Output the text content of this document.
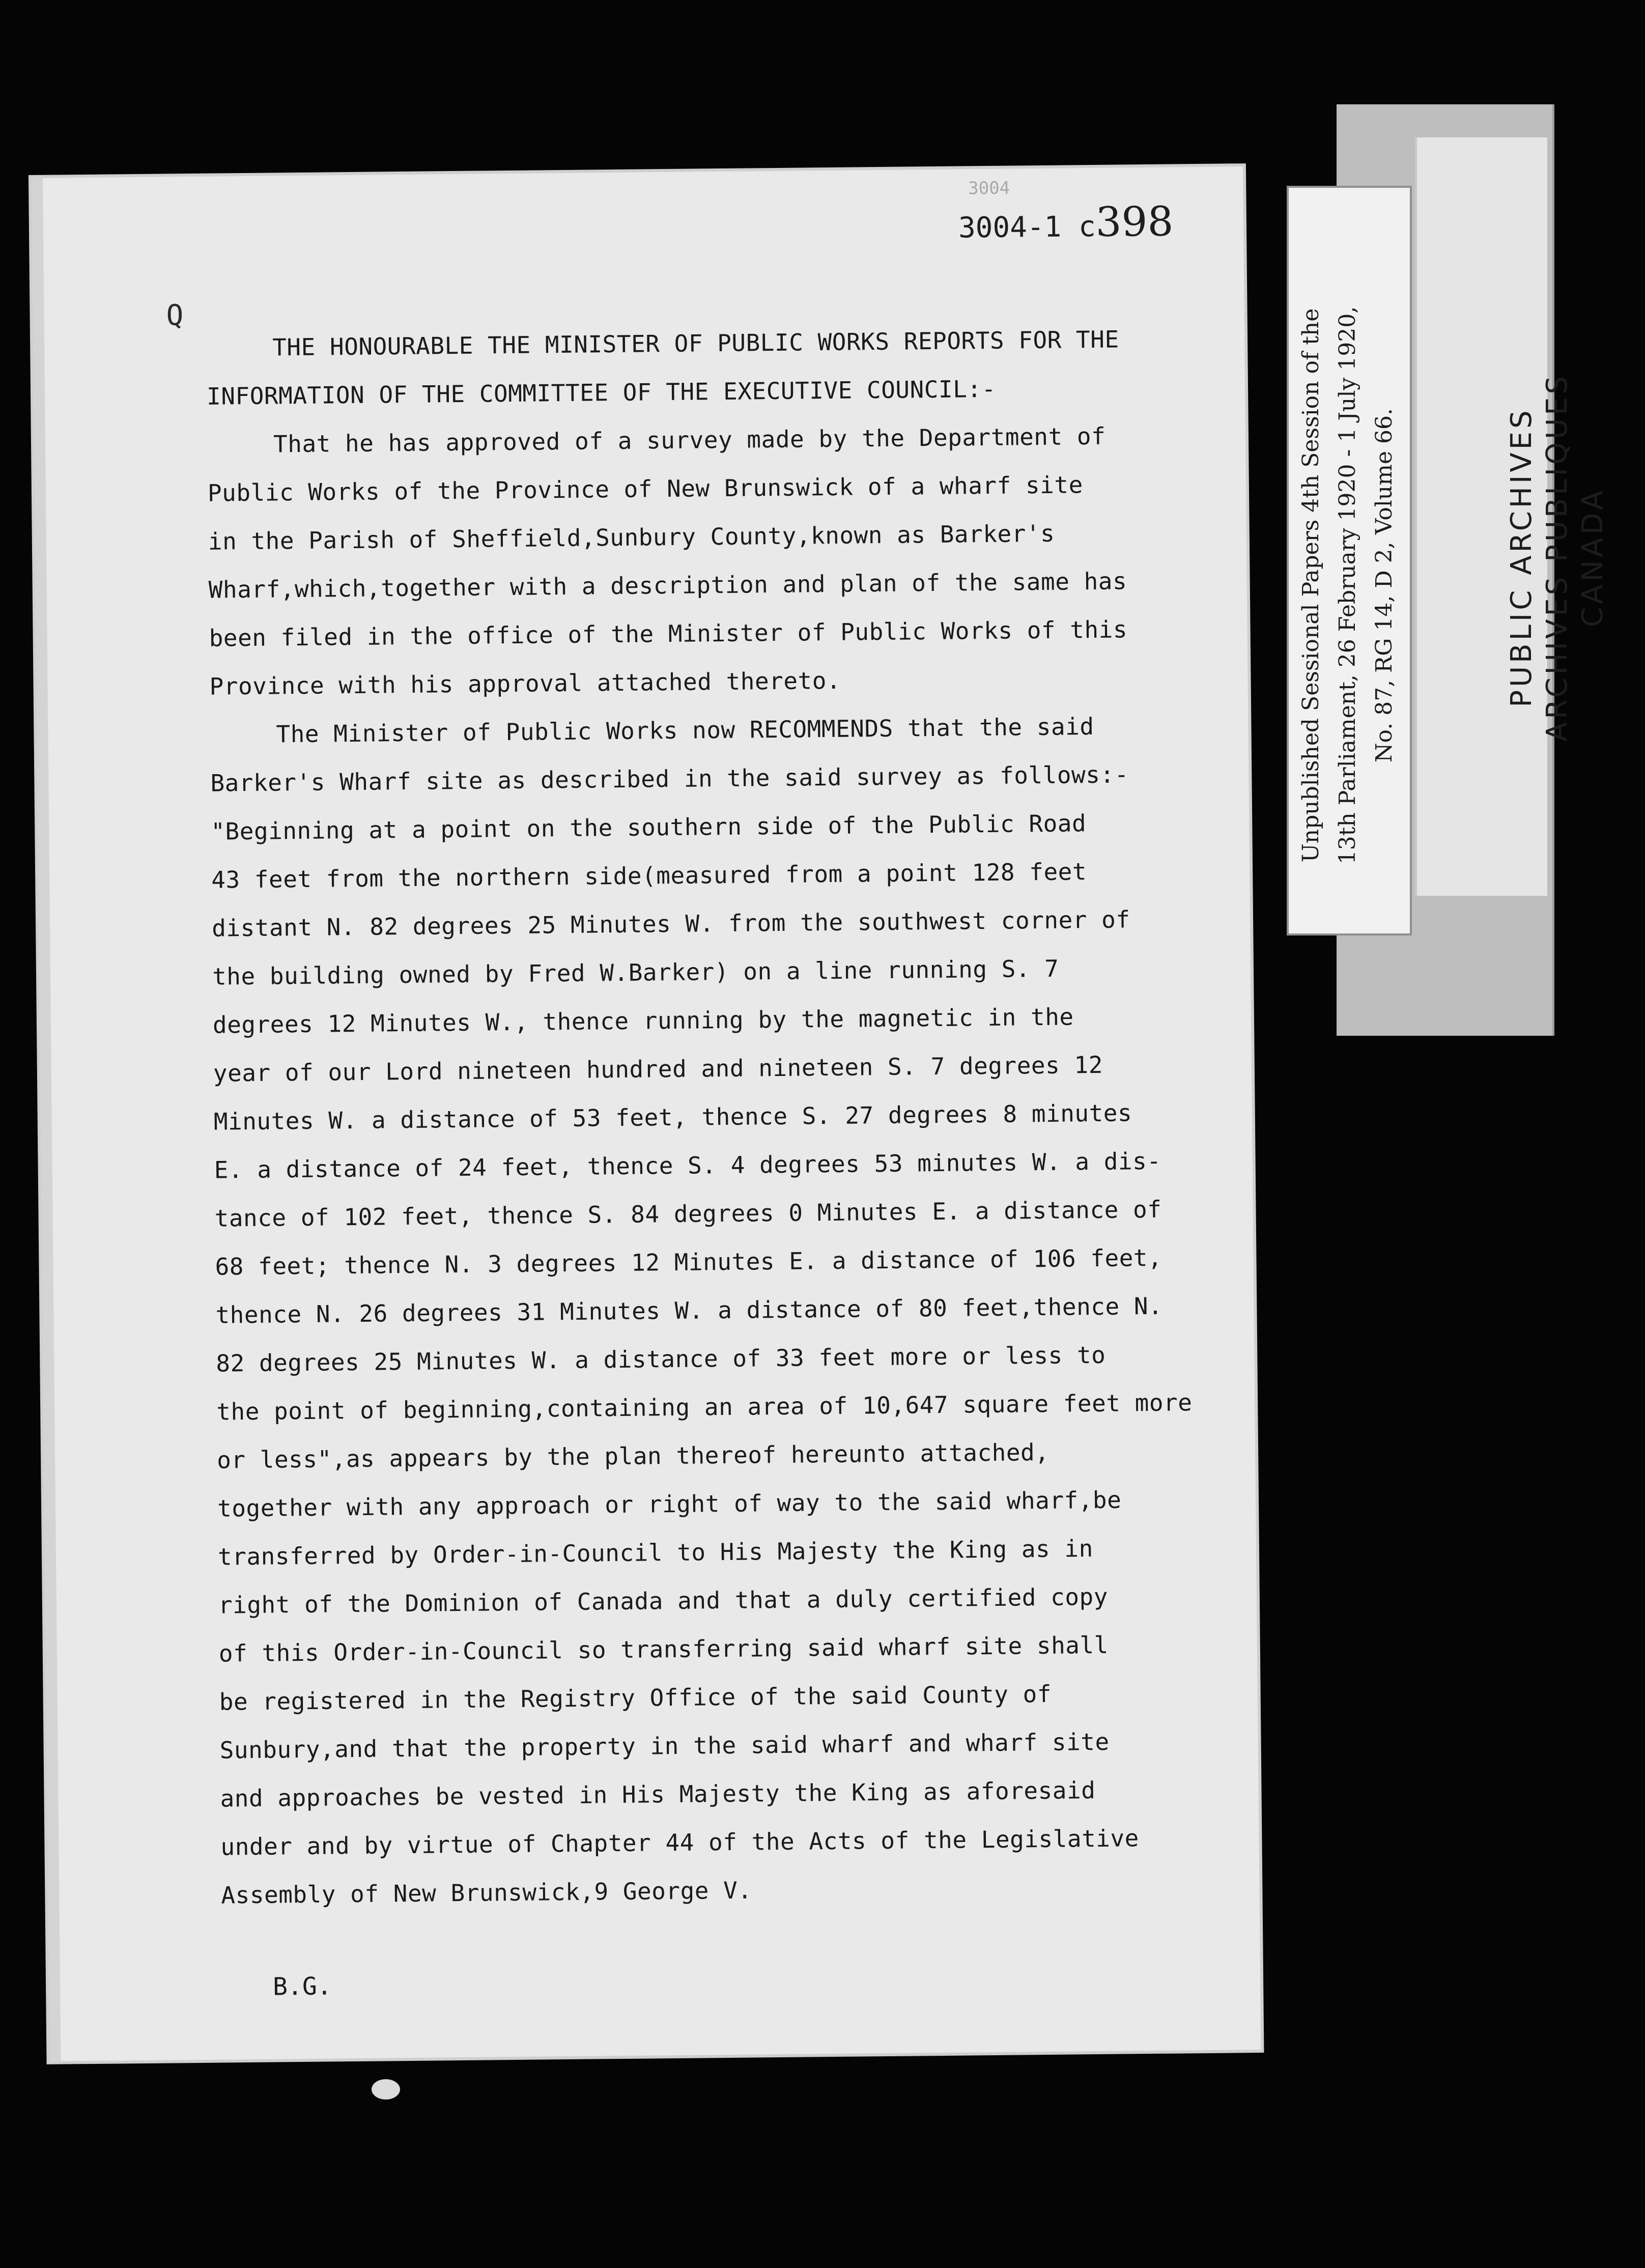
3004
3004-1 c398
Q
THE HONOURABLE THE MINISTER OF PUBLIC WORKS REPORTS FOR THE
INFORMATION OF THE COMMITTEE OF THE EXECUTIVE COUNCIL:-
That he has approved of a survey made by the Department of
Public Works of the Province of New Brunswick of a wharf site
in the Parish of Sheffield,Sunbury County,known as Barker's
Wharf,which,together with a description and plan of the same has
been filed in the office of the Minister of Public Works of this
Province with his approval attached thereto.
The Minister of Public Works now RECOMMENDS that the said
Barker's Wharf site as described in the said survey as follows:-
"Beginning at a point on the southern side of the Public Road
43 feet from the northern side(measured from a point 128 feet
distant N. 82 degrees 25 Minutes W. from the southwest corner of
the building owned by Fred W.Barker) on a line running S. 7
degrees 12 Minutes W., thence running by the magnetic in the
year of our Lord nineteen hundred and nineteen S. 7 degrees 12
Minutes W. a distance of 53 feet, thence S. 27 degrees 8 minutes
E. a distance of 24 feet, thence S. 4 degrees 53 minutes W. a dis-
tance of 102 feet, thence S. 84 degrees 0 Minutes E. a distance of
68 feet; thence N. 3 degrees 12 Minutes E. a distance of 106 feet,
thence N. 26 degrees 31 Minutes W. a distance of 80 feet,thence N.
82 degrees 25 Minutes W. a distance of 33 feet more or less to
the point of beginning,containing an area of 10,647 square feet more
or less",as appears by the plan thereof hereunto attached,
together with any approach or right of way to the said wharf,be
transferred by Order-in-Council to His Majesty the King as in
right of the Dominion of Canada and that a duly certified copy
of this Order-in-Council so transferring said wharf site shall
be registered in the Registry Office of the said County of
Sunbury,and that the property in the said wharf and wharf site
and approaches be vested in His Majesty the King as aforesaid
under and by virtue of Chapter 44 of the Acts of the Legislative
Assembly of New Brunswick,9 George V.
B.G.
Unpublished Sessional Papers 4th Session of the 13th Parliament, 26 February 1920 - 1 July 1920, No. 87, RG 14, D 2, Volume 66.	PUBLIC ARCHIVES ARCHIVES PUBLIQUES CANADA
